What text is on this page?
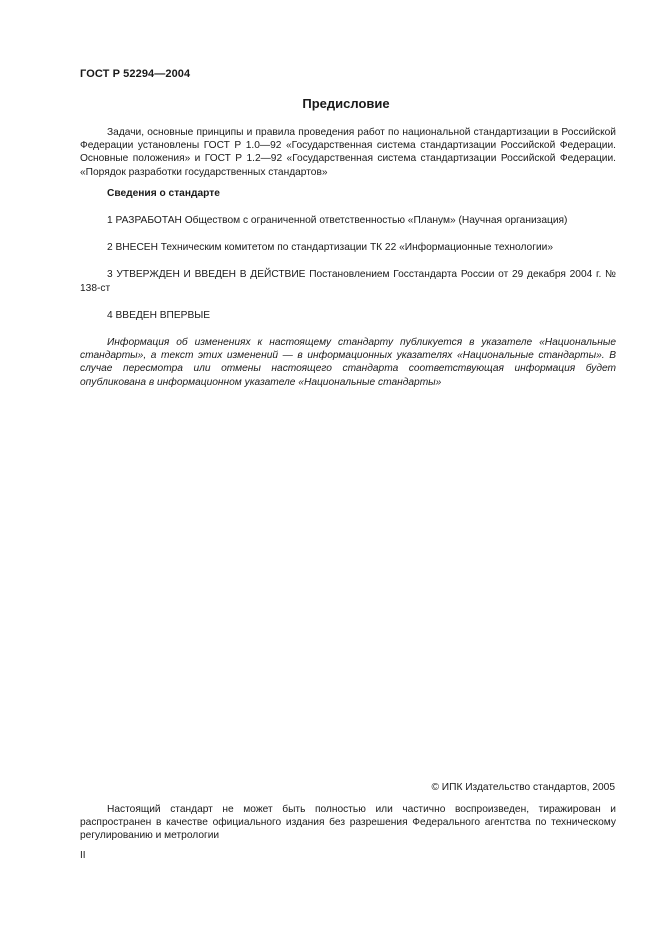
ГОСТ Р 52294—2004
Предисловие

Задачи, основные принципы и правила проведения работ по национальной стандартизации в Российской Федерации установлены ГОСТ Р 1.0—92 «Государственная система стандартизации Российской Федерации. Основные положения» и ГОСТ Р 1.2—92 «Государственная система стандартизации Российской Федерации. «Порядок разработки государственных стандартов»

Сведения о стандарте

1 РАЗРАБОТАН Обществом с ограниченной ответственностью «Планум» (Научная организация)

2 ВНЕСЕН Техническим комитетом по стандартизации ТК 22 «Информационные технологии»

3 УТВЕРЖДЕН И ВВЕДЕН В ДЕЙСТВИЕ Постановлением Госстандарта России от 29 декабря 2004 г. № 138-ст

4 ВВЕДЕН ВПЕРВЫЕ

Информация об изменениях к настоящему стандарту публикуется в указателе «Национальные стандарты», а текст этих изменений — в информационных указателях «Национальные стандарты». В случае пересмотра или отмены настоящего стандарта соответствующая информация будет опубликована в информационном указателе «Национальные стандарты»

© ИПК Издательство стандартов, 2005

Настоящий стандарт не может быть полностью или частично воспроизведен, тиражирован и распространен в качестве официального издания без разрешения Федерального агентства по техническому регулированию и метрологии

II
